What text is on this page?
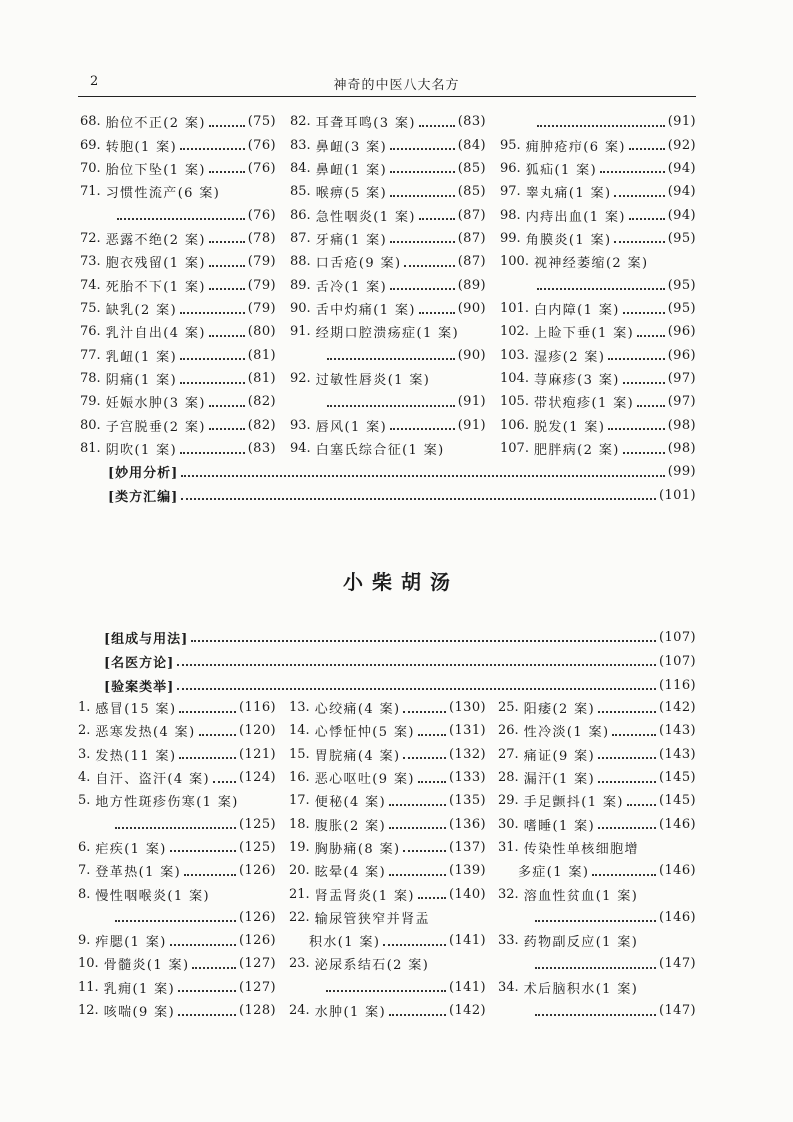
2	神奇的中医八大名方
68. 胎位不正(2 案)	(75)
69. 转胞(1 案)	(76)
70. 胎位下坠(1 案)	(76)
71. 习惯性流产(6 案)
(76)
72. 恶露不绝(2 案)	(78)
73. 胞衣残留(1 案)	(79)
74. 死胎不下(1 案)	(79)
75. 缺乳(2 案)	(79)
76. 乳汁自出(4 案)	(80)
77. 乳衄(1 案)	(81)
78. 阴痛(1 案)	(81)
79. 妊娠水肿(3 案)	(82)
80. 子宫脱垂(2 案)	(82)
81. 阴吹(1 案)	(83)
82. 耳聋耳鸣(3 案)	(83)
83. 鼻衄(3 案)	(84)
84. 鼻衄(1 案)	(85)
85. 喉痹(5 案)	(85)
86. 急性咽炎(1 案)	(87)
87. 牙痛(1 案)	(87)
88. 口舌疮(9 案)	(87)
89. 舌冷(1 案)	(89)
90. 舌中灼痛(1 案)	(90)
91. 经期口腔溃疡症(1 案)
(90)
92. 过敏性唇炎(1 案)
(91)
93. 唇风(1 案)	(91)
94. 白塞氏综合征(1 案)
(91)
95. 痈肿疮疖(6 案)	(92)
96. 狐疝(1 案)	(94)
97. 睾丸痛(1 案)	(94)
98. 内痔出血(1 案)	(94)
99. 角膜炎(1 案)	(95)
100. 视神经萎缩(2 案)
(95)
101. 白内障(1 案)	(95)
102. 上睑下垂(1 案)	(96)
103. 湿疹(2 案)	(96)
104. 荨麻疹(3 案)	(97)
105. 带状疱疹(1 案)	(97)
106. 脱发(1 案)	(98)
107. 肥胖病(2 案)	(98)
[妙用分析]	(99)
[类方汇编]	(101)
小柴胡汤
[组成与用法]	(107)
[名医方论]	(107)
[验案类举]	(116)
1. 感冒(15 案)	(116)
2. 恶寒发热(4 案)	(120)
3. 发热(11 案)	(121)
4. 自汗、盗汗(4 案) (124)
5. 地方性斑疹伤寒(1 案)
(125)
6. 疟疾(1 案)	(125)
7. 登革热(1 案)	(126)
8. 慢性咽喉炎(1 案)
(126)
9. 痄腮(1 案)	(126)
10. 骨髓炎(1 案)	(127)
11. 乳痈(1 案)	(127)
12. 咳喘(9 案)	(128)
13. 心绞痛(4 案)	(130)
14. 心悸怔忡(5 案)	(131)
15. 胃脘痛(4 案)	(132)
16. 恶心呕吐(9 案)	(133)
17. 便秘(4 案)	(135)
18. 腹胀(2 案)	(136)
19. 胸胁痛(8 案)	(137)
20. 眩晕(4 案)	(139)
21. 肾盂肾炎(1 案)	(140)
22. 输尿管狭窄并肾盂
积水(1 案)	(141)
23. 泌尿系结石(2 案)
(141)
24. 水肿(1 案)	(142)
25. 阳痿(2 案)	(142)
26. 性冷淡(1 案)	(143)
27. 痛证(9 案)	(143)
28. 漏汗(1 案)	(145)
29. 手足颤抖(1 案)	(145)
30. 嗜睡(1 案)	(146)
31. 传染性单核细胞增
多症(1 案)	(146)
32. 溶血性贫血(1 案)
(146)
33. 药物副反应(1 案)
(147)
34. 术后脑积水(1 案)
(147)
